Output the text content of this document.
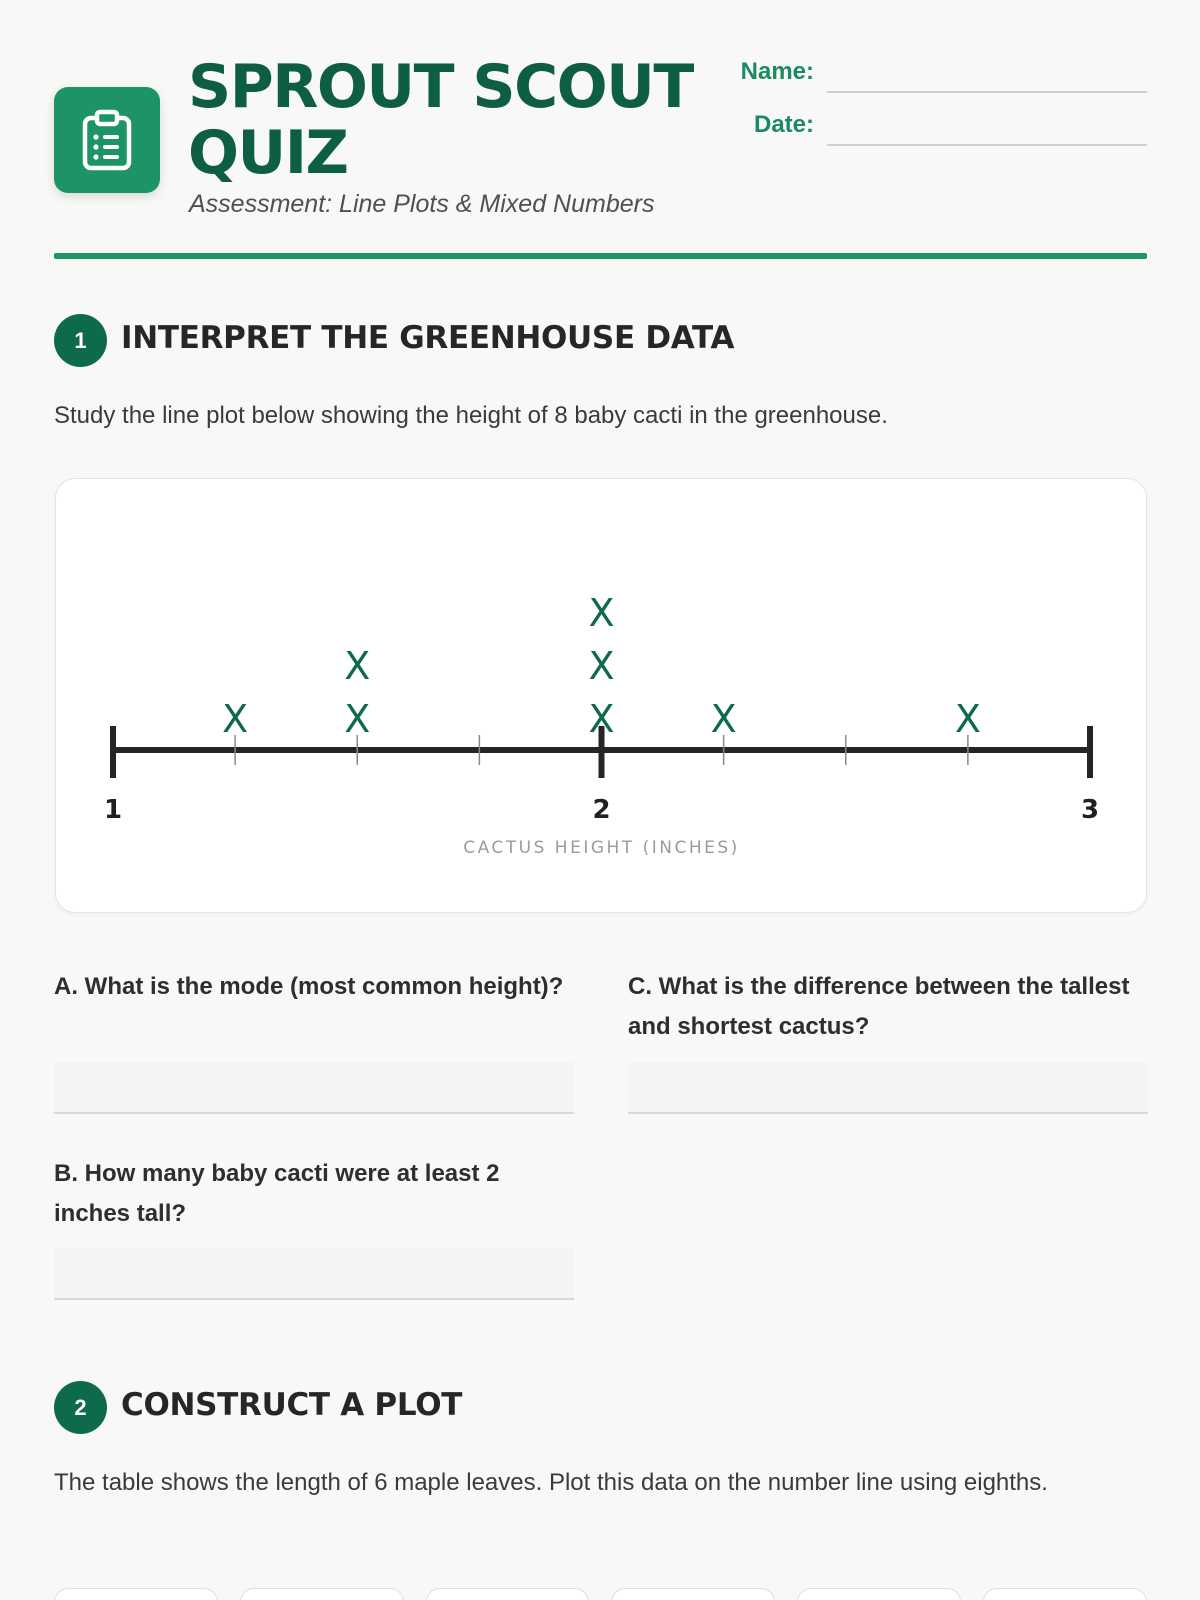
SPROUT SCOUT QUIZ
Assessment: Line Plots & Mixed Numbers
Name:
Date:
1	INTERPRET THE GREENHOUSE DATA

Study the line plot below showing the height of 8 baby cacti in the greenhouse.

1	2	3
CACTUS HEIGHT (INCHES)
X	X
X
X
X
X
X	X
A. What is the mode (most common height)?	C. What is the difference between the tallest and shortest cactus?
B. How many baby cacti were at least 2 inches tall?
2	CONSTRUCT A PLOT

The table shows the length of 6 maple leaves. Plot this data on the number line using eighths.
